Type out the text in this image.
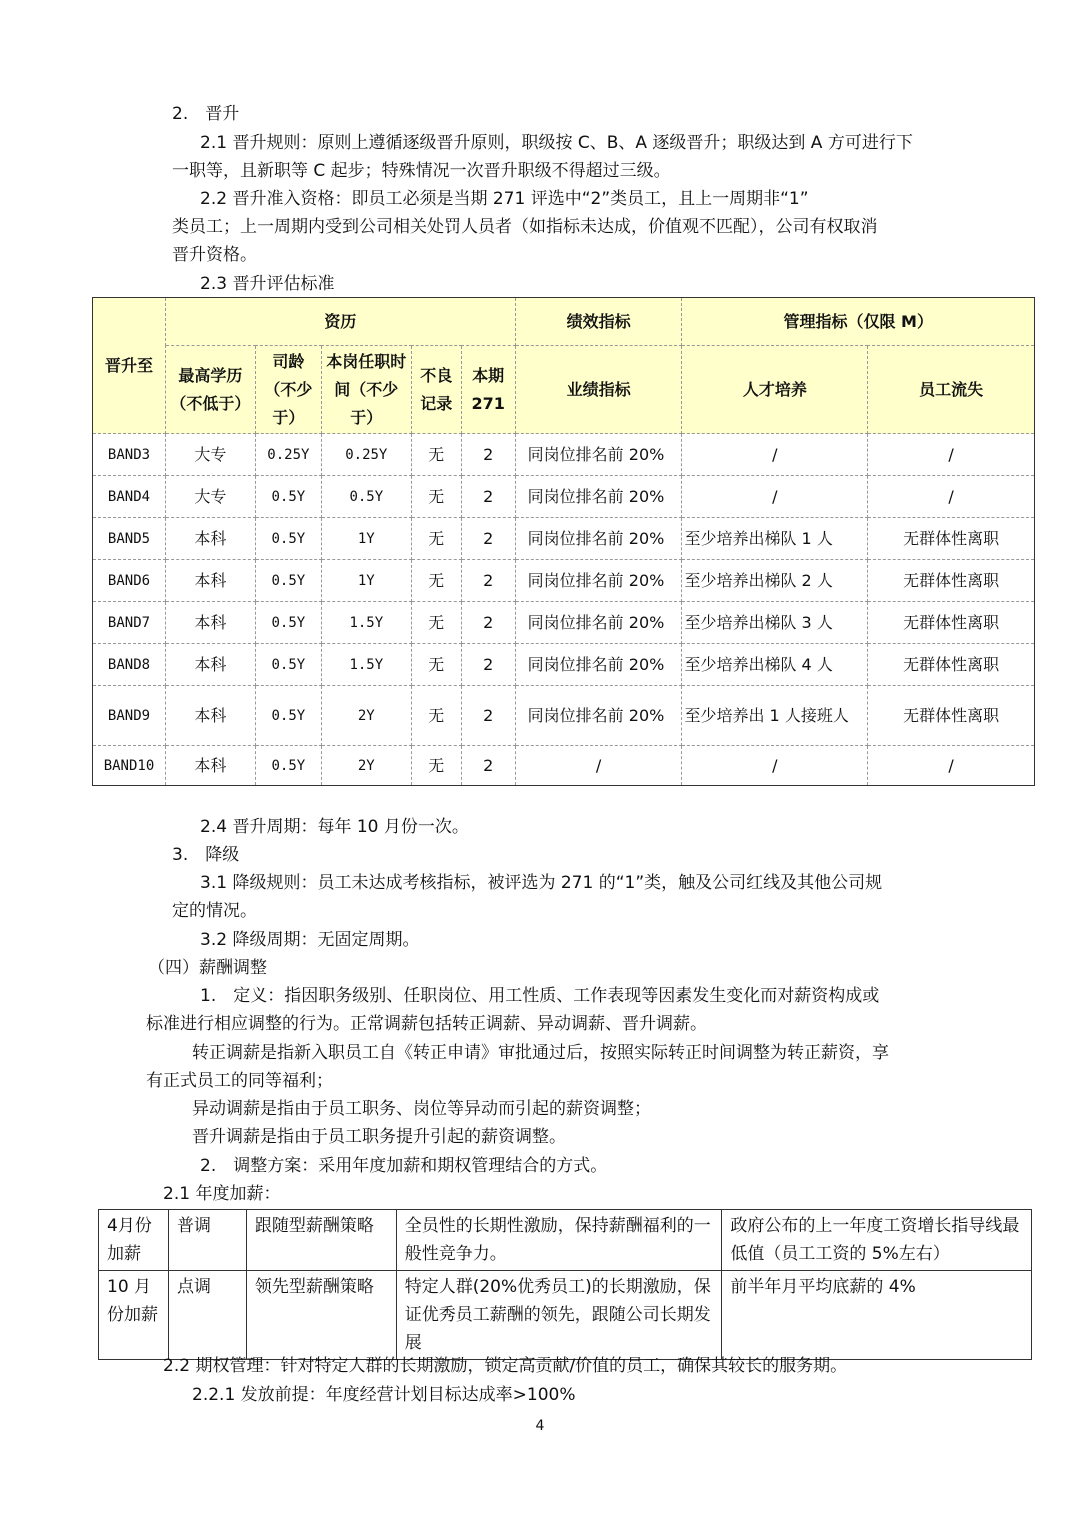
2.　晋升
2.1 晋升规则：原则上遵循逐级晋升原则，职级按 C、B、A 逐级晋升；职级达到 A 方可进行下
一职等，且新职等 C 起步；特殊情况一次晋升职级不得超过三级。
2.2 晋升准入资格：即员工必须是当期 271 评选中“2”类员工，且上一周期非“1”
类员工；上一周期内受到公司相关处罚人员者（如指标未达成，价值观不匹配），公司有权取消
晋升资格。
2.3 晋升评估标准
晋升至	资历					绩效指标	管理指标（仅限 M）	
	最高学历（不低于）	司龄（不少于）	本岗任职时间（不少于）	不良记录	本期 271	业绩指标	人才培养	员工流失
BAND3	大专	0.25Y	0.25Y	无	2	同岗位排名前 20%	/	/
BAND4	大专	0.5Y	0.5Y	无	2	同岗位排名前 20%	/	/
BAND5	本科	0.5Y	1Y	无	2	同岗位排名前 20%	至少培养出梯队 1 人	无群体性离职
BAND6	本科	0.5Y	1Y	无	2	同岗位排名前 20%	至少培养出梯队 2 人	无群体性离职
BAND7	本科	0.5Y	1.5Y	无	2	同岗位排名前 20%	至少培养出梯队 3 人	无群体性离职
BAND8	本科	0.5Y	1.5Y	无	2	同岗位排名前 20%	至少培养出梯队 4 人	无群体性离职
BAND9	本科	0.5Y	2Y	无	2	同岗位排名前 20%	至少培养出 1 人接班人	无群体性离职
BAND10	本科	0.5Y	2Y	无	2	/	/	/
2.4 晋升周期：每年 10 月份一次。
3.　降级
3.1 降级规则：员工未达成考核指标，被评选为 271 的“1”类，触及公司红线及其他公司规
定的情况。
3.2 降级周期：无固定周期。
（四）薪酬调整
1.　定义：指因职务级别、任职岗位、用工性质、工作表现等因素发生变化而对薪资构成或
标准进行相应调整的行为。正常调薪包括转正调薪、异动调薪、晋升调薪。
转正调薪是指新入职员工自《转正申请》审批通过后，按照实际转正时间调整为转正薪资，享
有正式员工的同等福利；
异动调薪是指由于员工职务、岗位等异动而引起的薪资调整；
晋升调薪是指由于员工职务提升引起的薪资调整。
2.　调整方案：采用年度加薪和期权管理结合的方式。
2.1 年度加薪：
4月份加薪	普调	跟随型薪酬策略	全员性的长期性激励，保持薪酬福利的一般性竞争力。	政府公布的上一年度工资增长指导线最低值（员工工资的 5%左右）
10 月份加薪	点调	领先型薪酬策略	特定人群(20%优秀员工)的长期激励，保证优秀员工薪酬的领先，跟随公司长期发展	前半年月平均底薪的 4%
2.2 期权管理：针对特定人群的长期激励，锁定高贡献/价值的员工，确保其较长的服务期。
2.2.1 发放前提：年度经营计划目标达成率>100%
4
